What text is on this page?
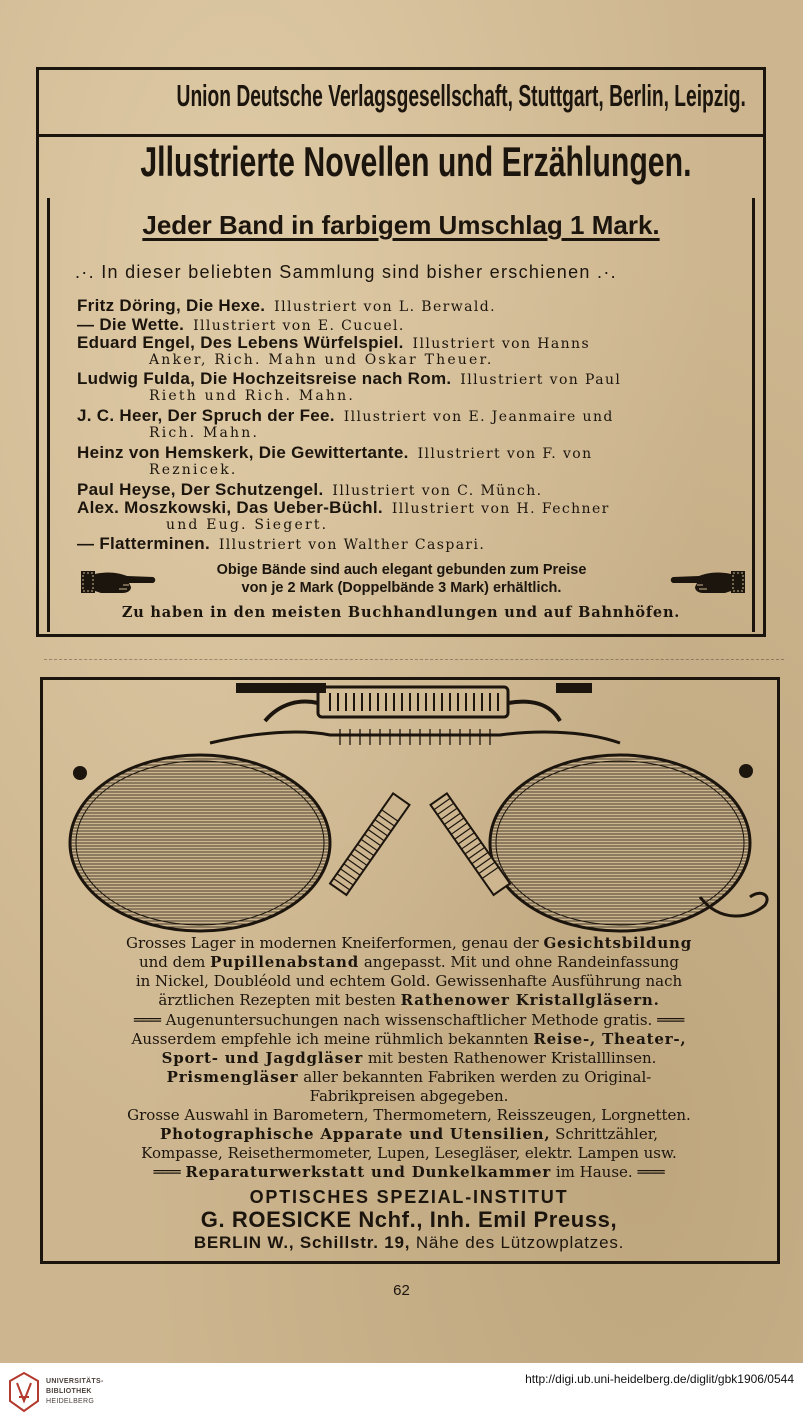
Union Deutsche Verlagsgesellschaft, Stuttgart, Berlin, Leipzig.
Jllustrierte Novellen und Erzählungen.
Jeder Band in farbigem Umschlag 1 Mark.
.·. In dieser beliebten Sammlung sind bisher erschienen .·.
Fritz Döring, Die Hexe. Illustriert von L. Berwald.
— Die Wette. Illustriert von E. Cucuel.
Eduard Engel, Des Lebens Würfelspiel. Illustriert von Hanns
Anker, Rich. Mahn und Oskar Theuer.
Ludwig Fulda, Die Hochzeitsreise nach Rom. Illustriert von Paul
Rieth und Rich. Mahn.
J. C. Heer, Der Spruch der Fee. Illustriert von E. Jeanmaire und
Rich. Mahn.
Heinz von Hemskerk, Die Gewittertante. Illustriert von F. von
Reznicek.
Paul Heyse, Der Schutzengel. Illustriert von C. Münch.
Alex. Moszkowski, Das Ueber-Büchl. Illustriert von H. Fechner
und Eug. Siegert.
— Flatterminen. Illustriert von Walther Caspari.
Obige Bände sind auch elegant gebunden zum Preise
von je 2 Mark (Doppelbände 3 Mark) erhältlich.
Zu haben in den meisten Buchhandlungen und auf Bahnhöfen.
Grosses Lager in modernen Kneiferformen, genau der Gesichtsbildung
und dem Pupillenabstand angepasst. Mit und ohne Randeinfassung
in Nickel, Doubléold und echtem Gold. Gewissenhafte Ausführung nach
ärztlichen Rezepten mit besten Rathenower Kristallgläsern.
═══ Augenuntersuchungen nach wissenschaftlicher Methode gratis. ═══
Ausserdem empfehle ich meine rühmlich bekannten Reise-, Theater-,
Sport- und Jagdgläser mit besten Rathenower Kristalllinsen.
Prismengläser aller bekannten Fabriken werden zu Original-
Fabrikpreisen abgegeben.
Grosse Auswahl in Barometern, Thermometern, Reisszeugen, Lorgnetten.
Photographische Apparate und Utensilien, Schrittzähler,
Kompasse, Reisethermometer, Lupen, Lesegläser, elektr. Lampen usw.
═══ Reparaturwerkstatt und Dunkelkammer im Hause. ═══
OPTISCHES SPEZIAL-INSTITUT
G. ROESICKE Nchf., Inh. Emil Preuss,
BERLIN W., Schillstr. 19, Nähe des Lützowplatzes.
62
UNIVERSITÄTS-
BIBLIOTHEK
HEIDELBERG
http://digi.ub.uni-heidelberg.de/diglit/gbk1906/0544
